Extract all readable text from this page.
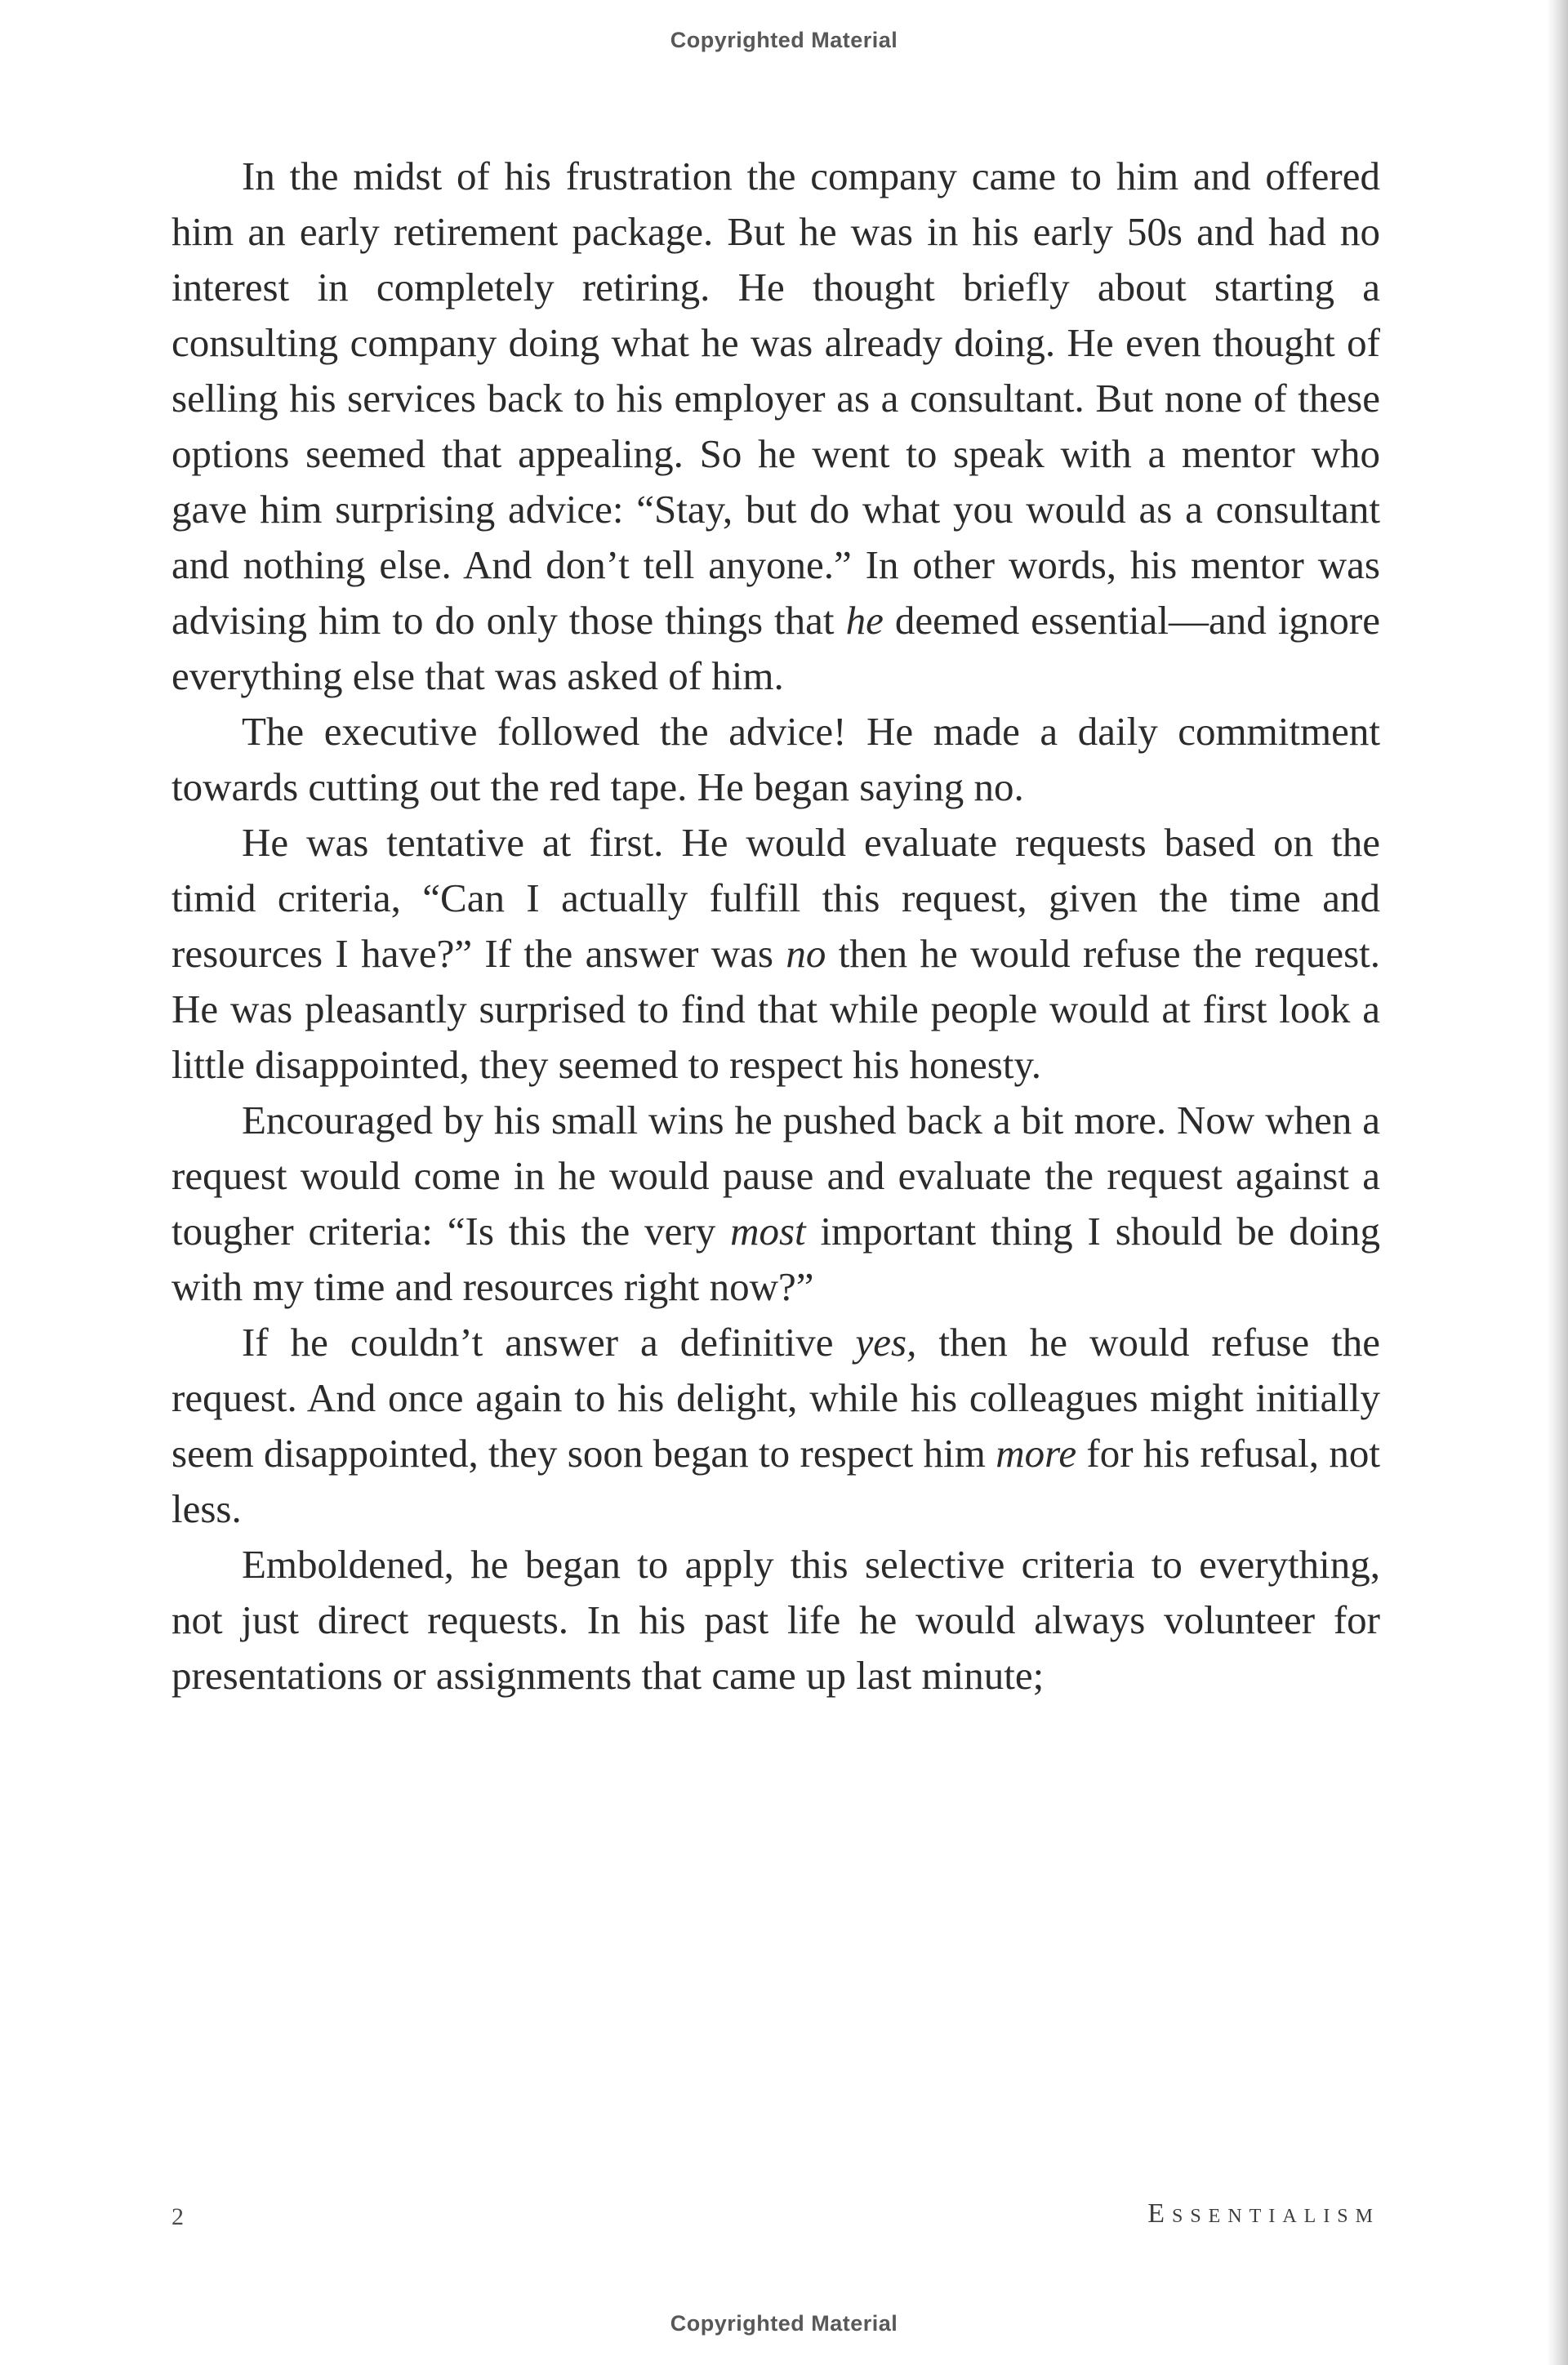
Copyrighted Material

In the midst of his frustration the company came to him and offered him an early retirement package. But he was in his early 50s and had no interest in completely retiring. He thought briefly about starting a consulting company doing what he was already doing. He even thought of selling his services back to his employer as a consultant. But none of these options seemed that appealing. So he went to speak with a mentor who gave him surprising advice: “Stay, but do what you would as a consultant and nothing else. And don’t tell anyone.” In other words, his mentor was advising him to do only those things that he deemed essential—and ignore everything else that was asked of him.

The executive followed the advice! He made a daily commitment towards cutting out the red tape. He began saying no.

He was tentative at first. He would evaluate requests based on the timid criteria, “Can I actually fulfill this request, given the time and resources I have?” If the answer was no then he would refuse the request. He was pleasantly surprised to find that while people would at first look a little disappointed, they seemed to respect his honesty.

Encouraged by his small wins he pushed back a bit more. Now when a request would come in he would pause and evaluate the request against a tougher criteria: “Is this the very most important thing I should be doing with my time and resources right now?”

If he couldn’t answer a definitive yes, then he would refuse the request. And once again to his delight, while his colleagues might initially seem disappointed, they soon began to respect him more for his refusal, not less.

Emboldened, he began to apply this selective criteria to everything, not just direct requests. In his past life he would always volunteer for presentations or assignments that came up last minute;

2	Essentialism
Copyrighted Material
